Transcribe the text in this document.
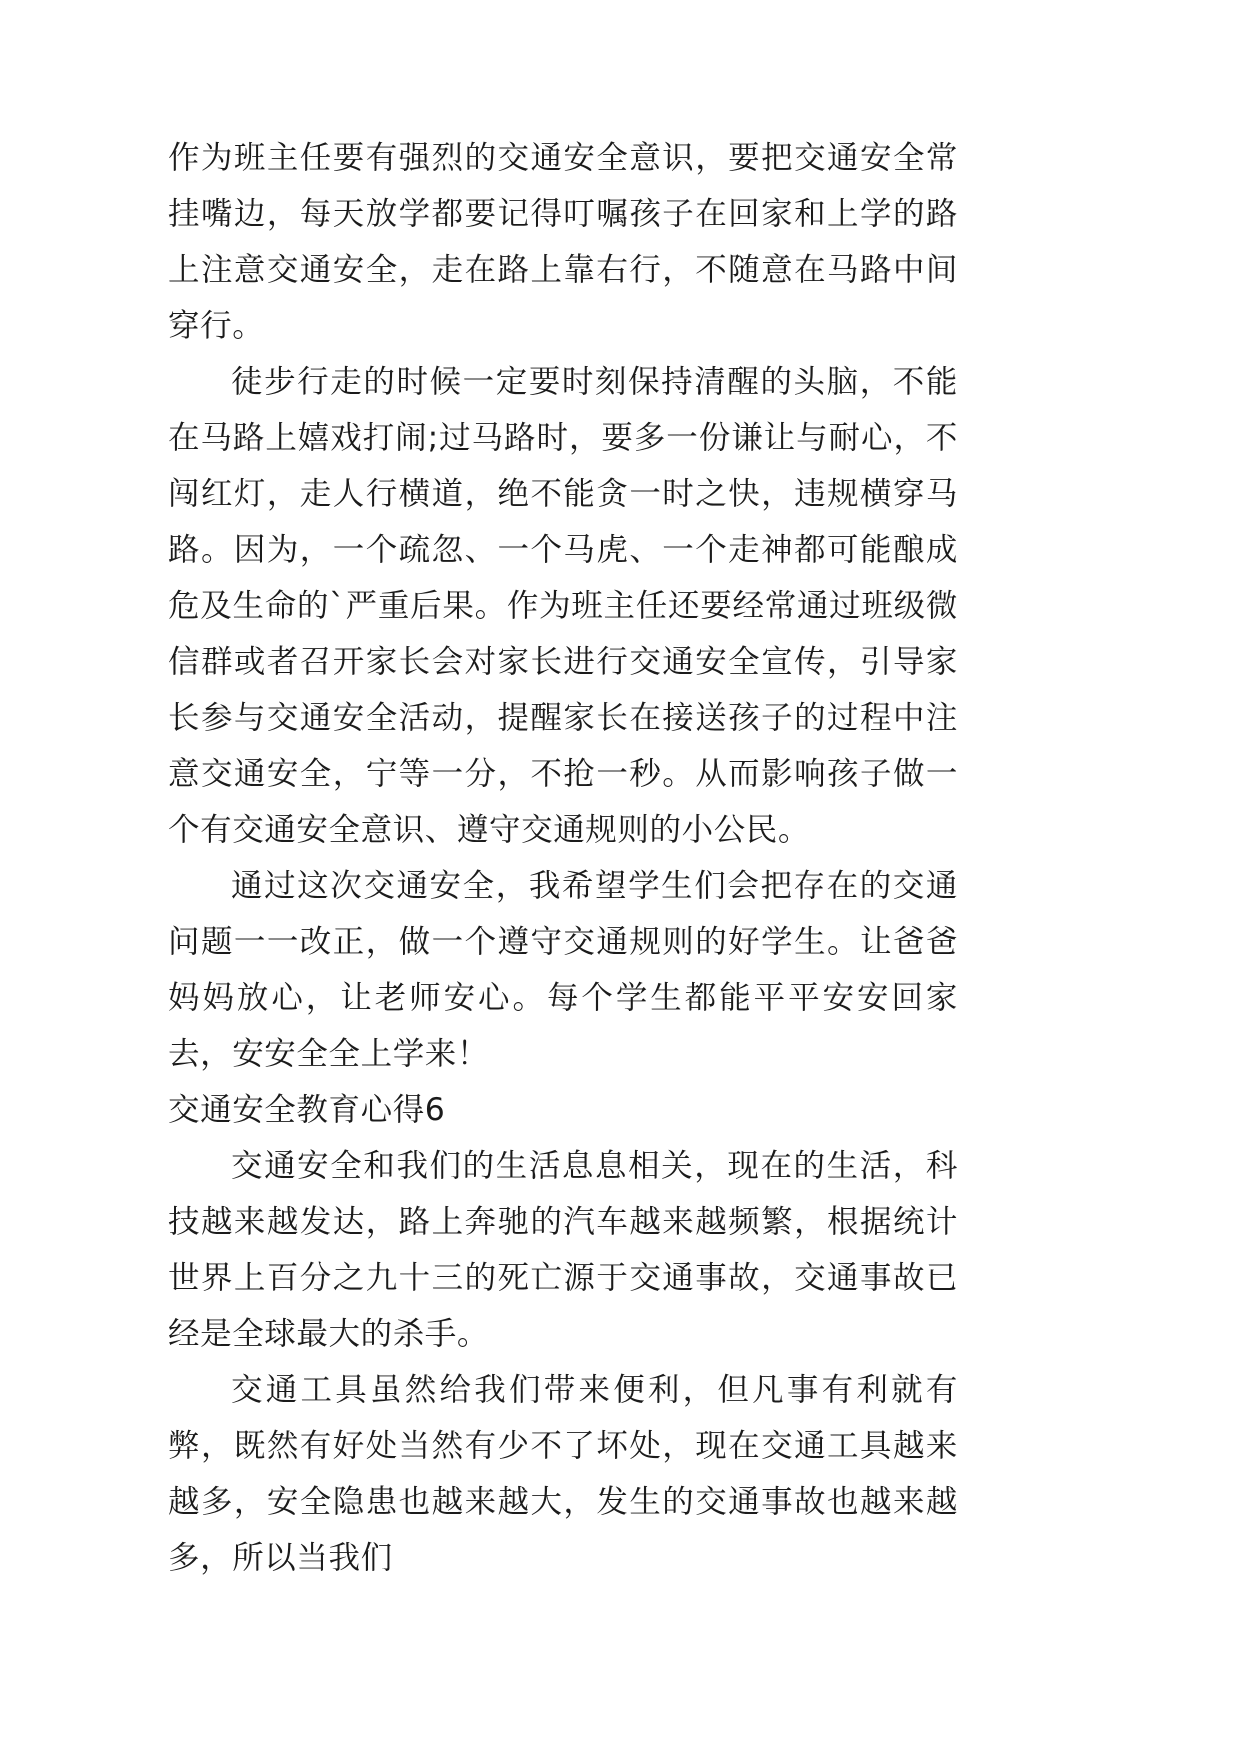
作为班主任要有强烈的交通安全意识，要把交通安全常挂嘴边，每天放学都要记得叮嘱孩子在回家和上学的路上注意交通安全，走在路上靠右行，不随意在马路中间穿行。

徒步行走的时候一定要时刻保持清醒的头脑，不能在马路上嬉戏打闹;过马路时，要多一份谦让与耐心，不闯红灯，走人行横道，绝不能贪一时之快，违规横穿马路。因为，一个疏忽、一个马虎、一个走神都可能酿成危及生命的`严重后果。作为班主任还要经常通过班级微信群或者召开家长会对家长进行交通安全宣传，引导家长参与交通安全活动，提醒家长在接送孩子的过程中注意交通安全，宁等一分，不抢一秒。从而影响孩子做一个有交通安全意识、遵守交通规则的小公民。

通过这次交通安全，我希望学生们会把存在的交通问题一一改正，做一个遵守交通规则的好学生。让爸爸妈妈放心，让老师安心。每个学生都能平平安安回家去，安安全全上学来！

交通安全教育心得6

交通安全和我们的生活息息相关，现在的生活，科技越来越发达，路上奔驰的汽车越来越频繁，根据统计世界上百分之九十三的死亡源于交通事故，交通事故已经是全球最大的杀手。

交通工具虽然给我们带来便利，但凡事有利就有弊，既然有好处当然有少不了坏处，现在交通工具越来越多，安全隐患也越来越大，发生的交通事故也越来越多，所以当我们
